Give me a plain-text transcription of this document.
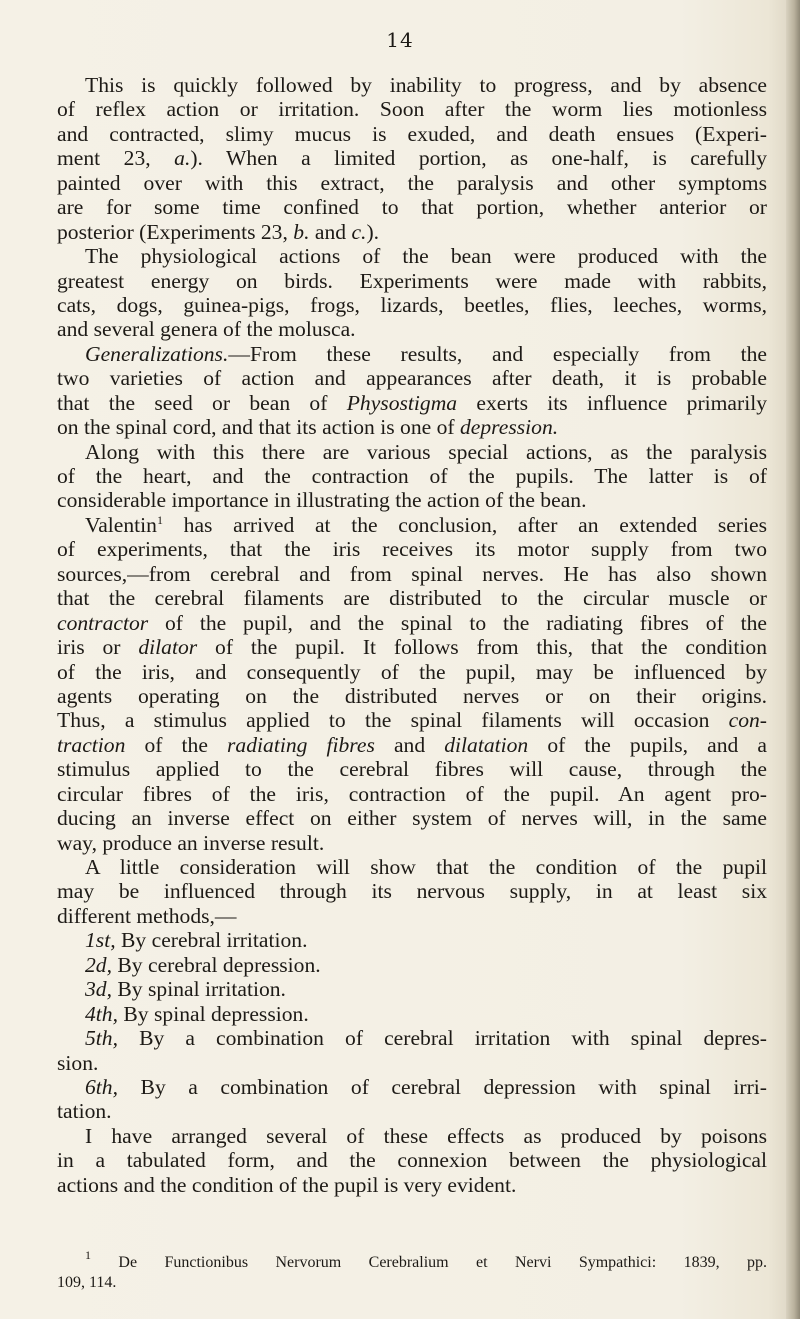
14
This is quickly followed by inability to progress, and by absence
of reflex action or irritation. Soon after the worm lies motionless
and contracted, slimy mucus is exuded, and death ensues (Experi-
ment 23, a.). When a limited portion, as one-half, is carefully
painted over with this extract, the paralysis and other symptoms
are for some time confined to that portion, whether anterior or
posterior (Experiments 23, b. and c.).
The physiological actions of the bean were produced with the
greatest energy on birds. Experiments were made with rabbits,
cats, dogs, guinea-pigs, frogs, lizards, beetles, flies, leeches, worms,
and several genera of the molusca.
Generalizations.—From these results, and especially from the
two varieties of action and appearances after death, it is probable
that the seed or bean of Physostigma exerts its influence primarily
on the spinal cord, and that its action is one of depression.
Along with this there are various special actions, as the paralysis
of the heart, and the contraction of the pupils. The latter is of
considerable importance in illustrating the action of the bean.
Valentin$^1$ has arrived at the conclusion, after an extended series
of experiments, that the iris receives its motor supply from two
sources,—from cerebral and from spinal nerves. He has also shown
that the cerebral filaments are distributed to the circular muscle or
contractor of the pupil, and the spinal to the radiating fibres of the
iris or dilator of the pupil. It follows from this, that the condition
of the iris, and consequently of the pupil, may be influenced by
agents operating on the distributed nerves or on their origins.
Thus, a stimulus applied to the spinal filaments will occasion con-
traction of the radiating fibres and dilatation of the pupils, and a
stimulus applied to the cerebral fibres will cause, through the
circular fibres of the iris, contraction of the pupil. An agent pro-
ducing an inverse effect on either system of nerves will, in the same
way, produce an inverse result.
A little consideration will show that the condition of the pupil
may be influenced through its nervous supply, in at least six
different methods,—
1st, By cerebral irritation.
2d, By cerebral depression.
3d, By spinal irritation.
4th, By spinal depression.
5th, By a combination of cerebral irritation with spinal depres-
sion.
6th, By a combination of cerebral depression with spinal irri-
tation.
I have arranged several of these effects as produced by poisons
in a tabulated form, and the connexion between the physiological
actions and the condition of the pupil is very evident.
$^1$ De Functionibus Nervorum Cerebralium et Nervi Sympathici: 1839, pp.
109, 114.
